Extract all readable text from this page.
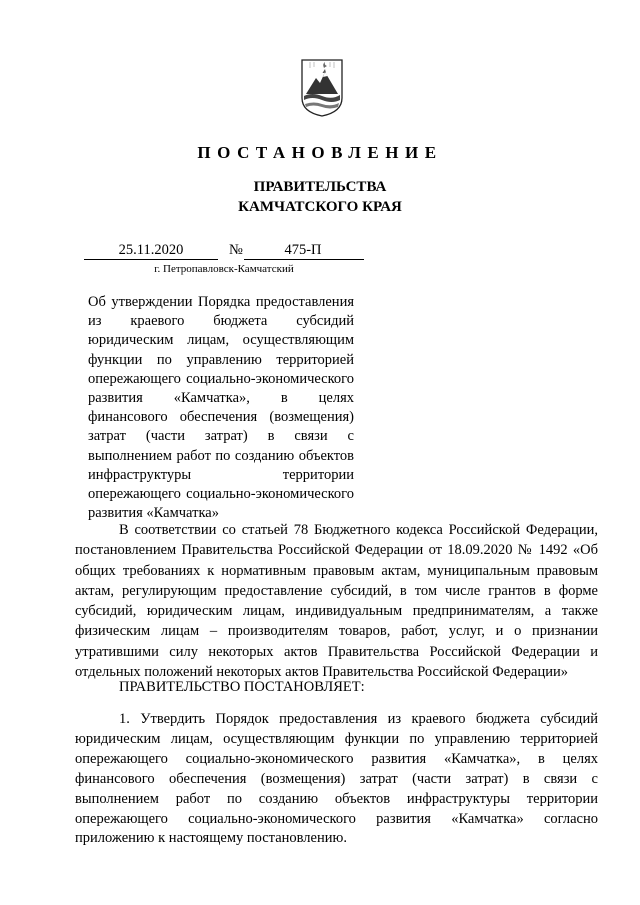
ПОСТАНОВЛЕНИЕ
ПРАВИТЕЛЬСТВА
КАМЧАТСКОГО КРАЯ
25.11.2020	№	475-П
г. Петропавловск-Камчатский
Об утверждении Порядка предоставления из краевого бюджета субсидий юридическим лицам, осуществляющим функции по управлению территорией опережающего социально-экономического развития «Камчатка», в целях финансового обеспечения (возмещения) затрат (части затрат) в связи с выполнением работ по созданию объектов инфраструктуры территории опережающего социально-экономического развития «Камчатка»
В соответствии со статьей 78 Бюджетного кодекса Российской Федерации, постановлением Правительства Российской Федерации от 18.09.2020 № 1492 «Об общих требованиях к нормативным правовым актам, муниципальным правовым актам, регулирующим предоставление субсидий, в том числе грантов в форме субсидий, юридическим лицам, индивидуальным предпринимателям, а также физическим лицам – производителям товаров, работ, услуг, и о признании утратившими силу некоторых актов Правительства Российской Федерации и отдельных положений некоторых актов Правительства Российской Федерации»
ПРАВИТЕЛЬСТВО ПОСТАНОВЛЯЕТ:
1. Утвердить Порядок предоставления из краевого бюджета субсидий юридическим лицам, осуществляющим функции по управлению территорией опережающего социально-экономического развития «Камчатка», в целях финансового обеспечения (возмещения) затрат (части затрат) в связи с выполнением работ по созданию объектов инфраструктуры территории опережающего социально-экономического развития «Камчатка» согласно приложению к настоящему постановлению.
